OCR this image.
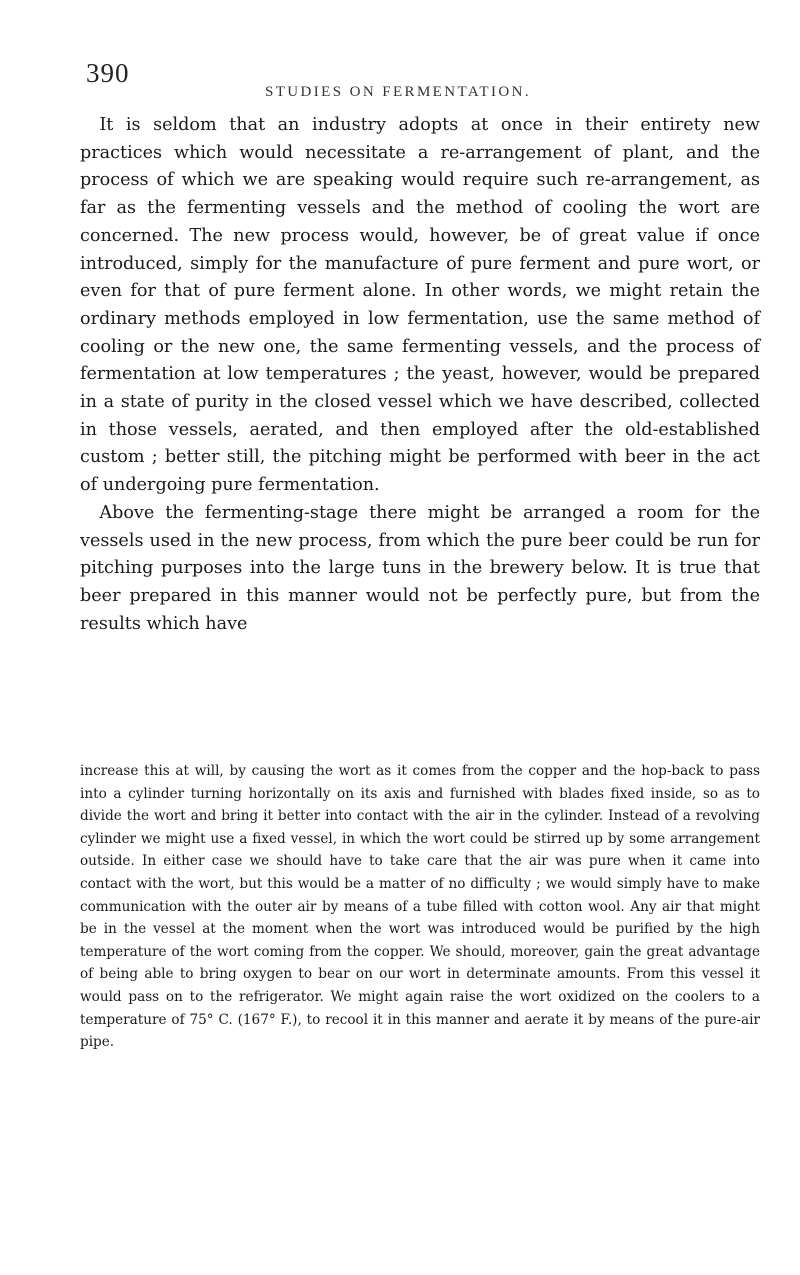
390
STUDIES ON FERMENTATION.

It is seldom that an industry adopts at once in their entirety new practices which would necessitate a re-arrangement of plant, and the process of which we are speaking would require such re-arrangement, as far as the fermenting vessels and the method of cooling the wort are concerned. The new process would, however, be of great value if once introduced, simply for the manufacture of pure ferment and pure wort, or even for that of pure ferment alone. In other words, we might retain the ordinary methods employed in low fermentation, use the same method of cooling or the new one, the same fermenting vessels, and the process of fermentation at low temperatures ; the yeast, however, would be prepared in a state of purity in the closed vessel which we have described, collected in those vessels, aerated, and then employed after the old-established custom ; better still, the pitching might be performed with beer in the act of undergoing pure fermentation.

Above the fermenting-stage there might be arranged a room for the vessels used in the new process, from which the pure beer could be run for pitching purposes into the large tuns in the brewery below. It is true that beer prepared in this manner would not be perfectly pure, but from the results which have

increase this at will, by causing the wort as it comes from the copper and the hop-back to pass into a cylinder turning horizontally on its axis and furnished with blades fixed inside, so as to divide the wort and bring it better into contact with the air in the cylinder. Instead of a revolving cylinder we might use a fixed vessel, in which the wort could be stirred up by some arrangement outside. In either case we should have to take care that the air was pure when it came into contact with the wort, but this would be a matter of no difficulty ; we would simply have to make communication with the outer air by means of a tube filled with cotton wool. Any air that might be in the vessel at the moment when the wort was introduced would be purified by the high temperature of the wort coming from the copper. We should, moreover, gain the great advantage of being able to bring oxygen to bear on our wort in determinate amounts. From this vessel it would pass on to the refrigerator. We might again raise the wort oxidized on the coolers to a temperature of 75° C. (167° F.), to recool it in this manner and aerate it by means of the pure-air pipe.
